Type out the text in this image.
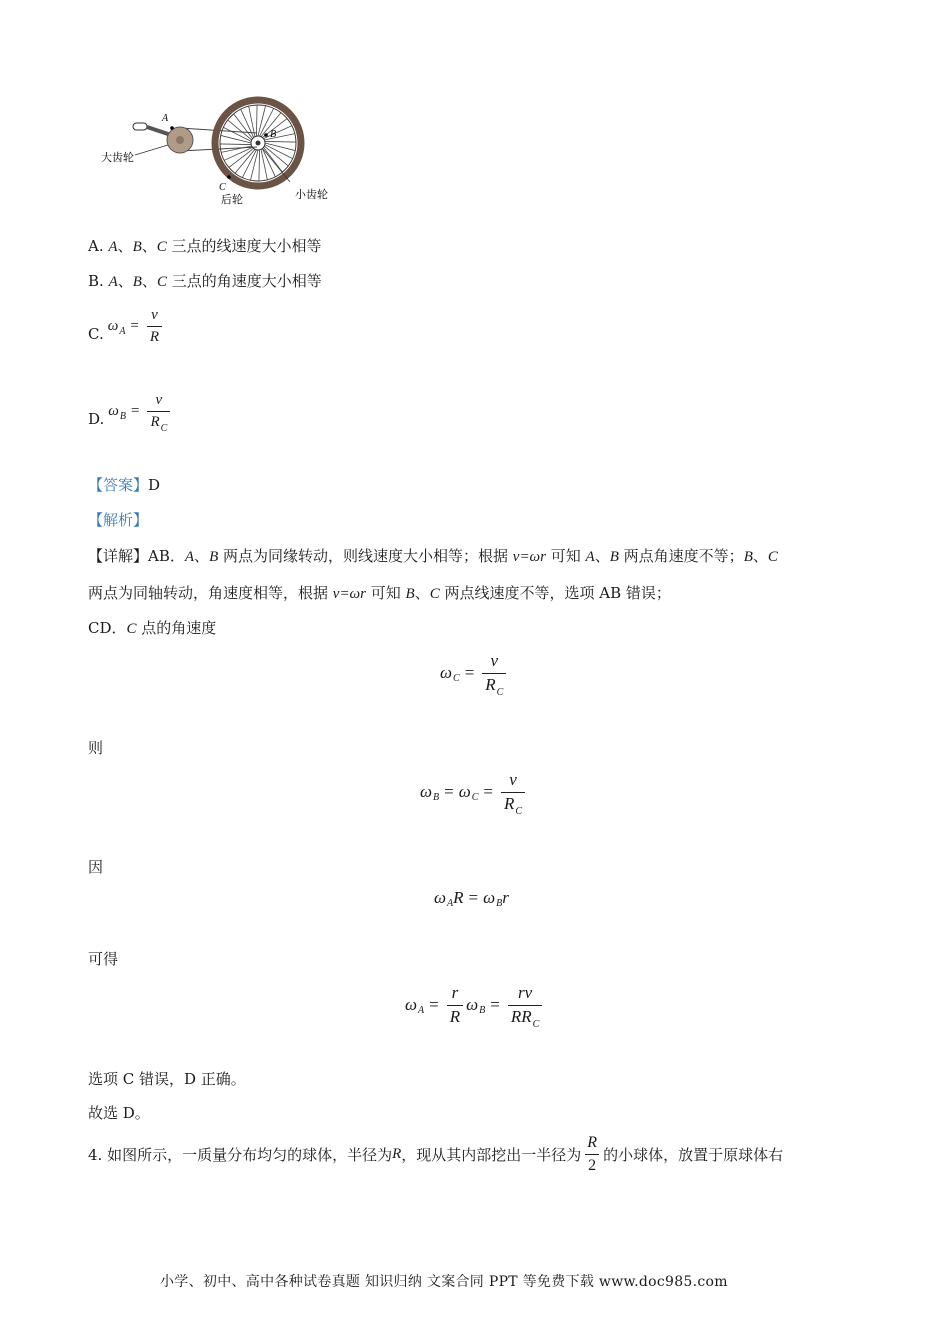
A
B
C
大齿轮
后轮	小齿轮
A. A、B、C 三点的线速度大小相等
B. A、B、C 三点的角速度大小相等
C. ω $A = \frac{v}{R}$
D. ω $B = \frac{v}{R_C}$
【答案】D
【解析】
【详解】AB．A、B 两点为同缘转动，则线速度大小相等；根据 v=ωr 可知 A、B 两点角速度不等；B、C
两点为同轴转动，角速度相等，根据 v=ωr 可知 B、C 两点线速度不等，选项 AB 错误；
CD．C 点的角速度
ω $C = \frac{v}{R_C}$
则
ω B = ω $C = \frac{v}{R_C}$
因
ω A R = ω B r
可得
ω $A = \frac{r}{R}$ ω $B = \frac{rv}{RR_C}$
选项 C 错误，D 正确。
故选 D。
4. 如图所示，一质量分布均匀的球体，半径为 R ，现从其内部挖出一半径为 $\frac{R}{2}$ 的小球体，放置于原球体右
小学、初中、高中各种试卷真题 知识归纳 文案合同 PPT 等免费下载 www.doc985.com
